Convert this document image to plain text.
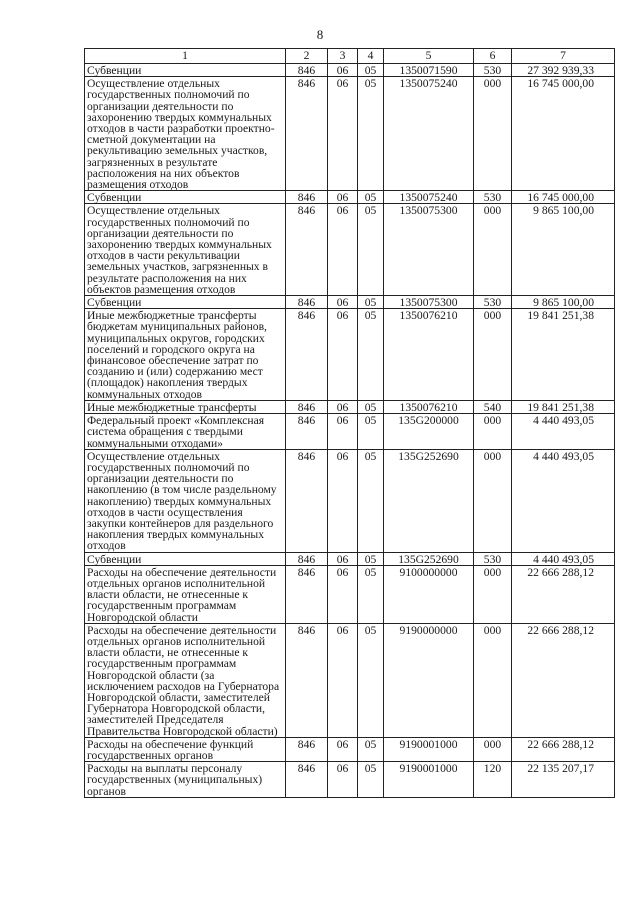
8
1	2	3	4	5	6	7
Субвенции	846	06	05	1350071590	530	27 392 939,33
Осуществление отдельных государственных полномочий по организации деятельности по захоронению твердых коммунальных отходов в части разработки проектно-сметной документации на рекультивацию земельных участков, загрязненных в результате расположения на них объектов размещения отходов	846	06	05	1350075240	000	16 745 000,00
Субвенции	846	06	05	1350075240	530	16 745 000,00
Осуществление отдельных государственных полномочий по организации деятельности по захоронению твердых коммунальных отходов в части рекультивации земельных участков, загрязненных в результате расположения на них объектов размещения отходов	846	06	05	1350075300	000	9 865 100,00
Субвенции	846	06	05	1350075300	530	9 865 100,00
Иные межбюджетные трансферты бюджетам муниципальных районов, муниципальных округов, городских поселений и городского округа на финансовое обеспечение затрат по созданию и (или) содержанию мест (площадок) накопления твердых коммунальных отходов	846	06	05	1350076210	000	19 841 251,38
Иные межбюджетные трансферты	846	06	05	1350076210	540	19 841 251,38
Федеральный проект «Комплексная система обращения с твердыми коммунальными отходами»	846	06	05	135G200000	000	4 440 493,05
Осуществление отдельных государственных полномочий по организации деятельности по накоплению (в том числе раздельному накоплению) твердых коммунальных отходов в части осуществления закупки контейнеров для раздельного накопления твердых коммунальных отходов	846	06	05	135G252690	000	4 440 493,05
Субвенции	846	06	05	135G252690	530	4 440 493,05
Расходы на обеспечение деятельности отдельных органов исполнительной власти области, не отнесенные к государственным программам Новгородской области	846	06	05	9100000000	000	22 666 288,12
Расходы на обеспечение деятельности отдельных органов исполнительной власти области, не отнесенные к государственным программам Новгородской области (за исключением расходов на Губернатора Новгородской области, заместителей Губернатора Новгородской области, заместителей Председателя Правительства Новгородской области)	846	06	05	9190000000	000	22 666 288,12
Расходы на обеспечение функций государственных органов	846	06	05	9190001000	000	22 666 288,12
Расходы на выплаты персоналу государственных (муниципальных) органов	846	06	05	9190001000	120	22 135 207,17
